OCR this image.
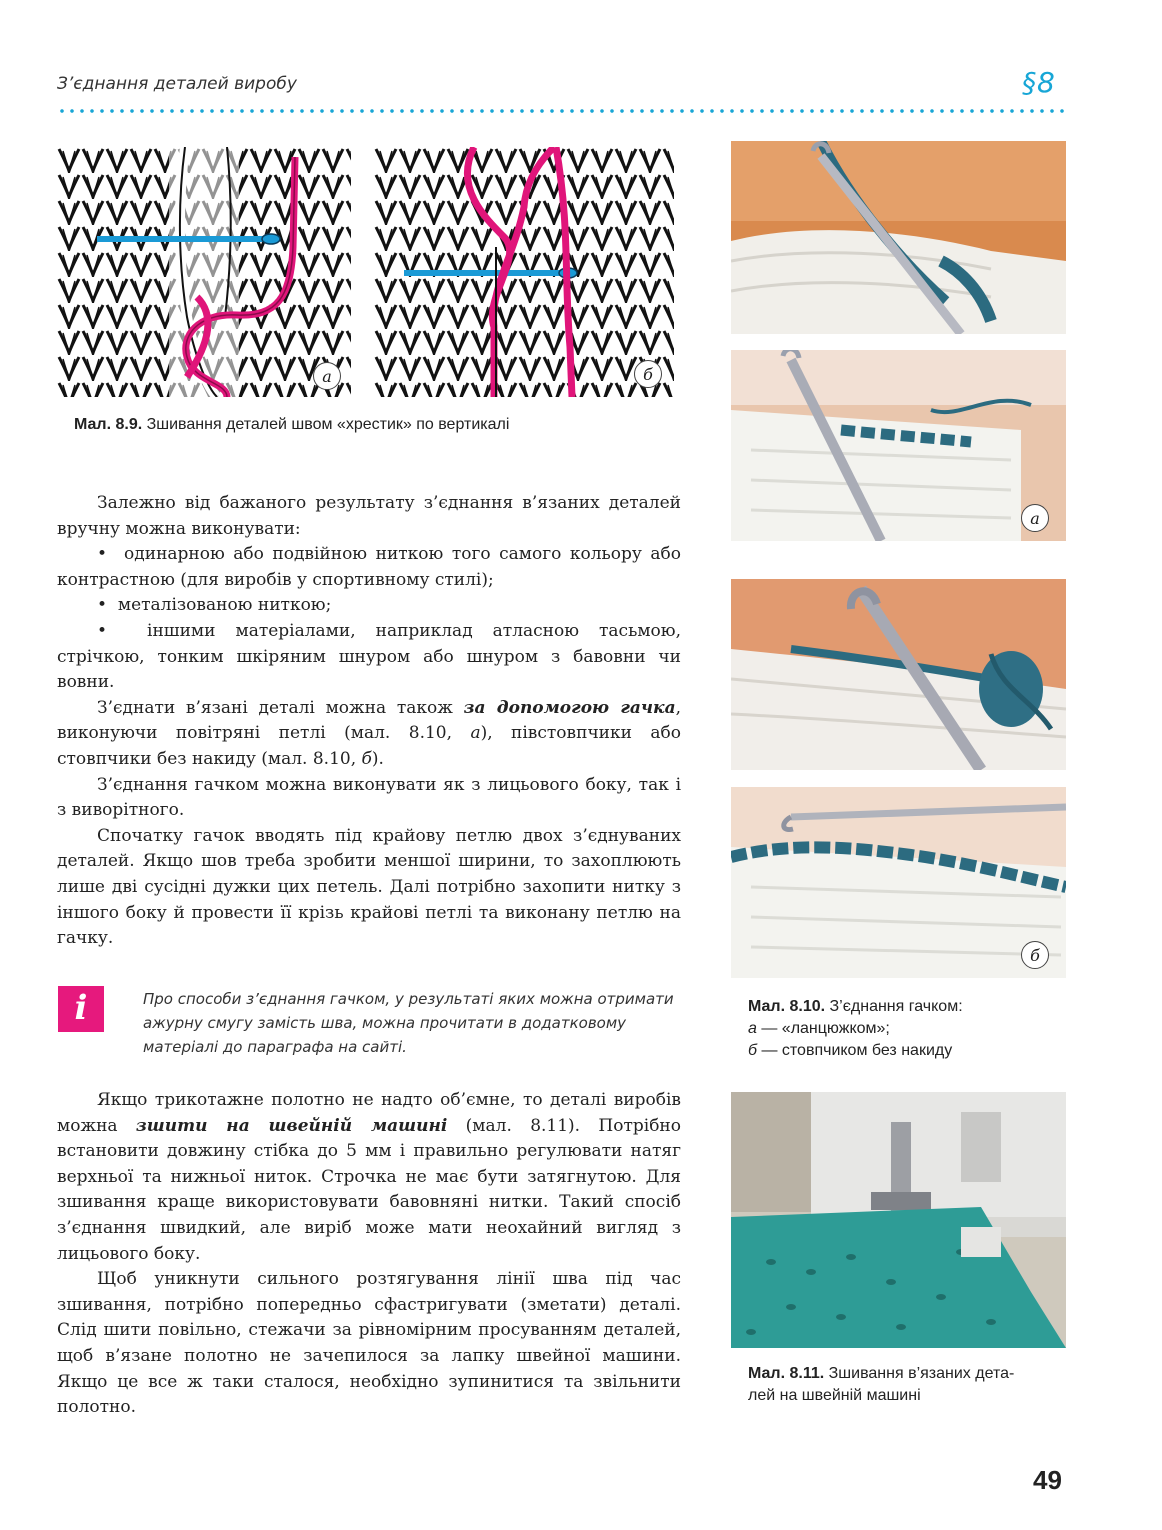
З’єднання деталей виробу	§8
а	б
Мал. 8.9. Зшивання деталей швом «хрестик» по вертикалі

Залежно від бажаного результату з’єднання в’язаних деталей вручну можна виконувати:

•  одинарною або подвійною ниткою того самого кольору або контрастною (для виробів у спортивному стилі);

•  металізованою ниткою;

•  іншими матеріалами, наприклад атласною тасьмою, стрічкою, тонким шкіряним шнуром або шнуром з бавовни чи вовни.

З’єднати в’язані деталі можна також за допомогою гачка, виконуючи повітряні петлі (мал. 8.10, а), півстовпчики або стовпчики без накиду (мал. 8.10, б).

З’єднання гачком можна виконувати як з лицьового боку, так і з виворітного.

Спочатку гачок вводять під крайову петлю двох з’єднуваних деталей. Якщо шов треба зробити меншої ширини, то захоплюють лише дві сусідні дужки цих петель. Далі потрібно захопити нитку з іншого боку й провести її крізь крайові петлі та виконану петлю на гачку.

i	Про способи з’єднання гачком, у результаті яких можна отримати ажурну смугу замість шва, можна прочитати в додатковому матеріалі до параграфа на сайті.

Якщо трикотажне полотно не надто об’ємне, то деталі виробів можна зшити на швейній машині (мал. 8.11). Потрібно встановити довжину стібка до 5 мм і правильно регулювати натяг верхньої та нижньої ниток. Строчка не має бути затягнутою. Для зшивання краще використовувати бавовняні нитки. Такий спосіб з’єднання швидкий, але виріб може мати неохайний вигляд з лицьового боку.

Щоб уникнути сильного розтягування лінії шва під час зшивання, потрібно попередньо сфастригувати (зметати) деталі. Слід шити повільно, стежачи за рівномірним просуванням деталей, щоб в’язане полотно не зачепилося за лапку швейної машини. Якщо це все ж таки сталося, необхідно зупинитися та звільнити полотно.

а
б
Мал. 8.10. З’єднання гачком:
а — «ланцюжком»;
б — стовпчиком без накиду
Мал. 8.11. Зшивання в’язаних дета-
лей на швейній машині
49
